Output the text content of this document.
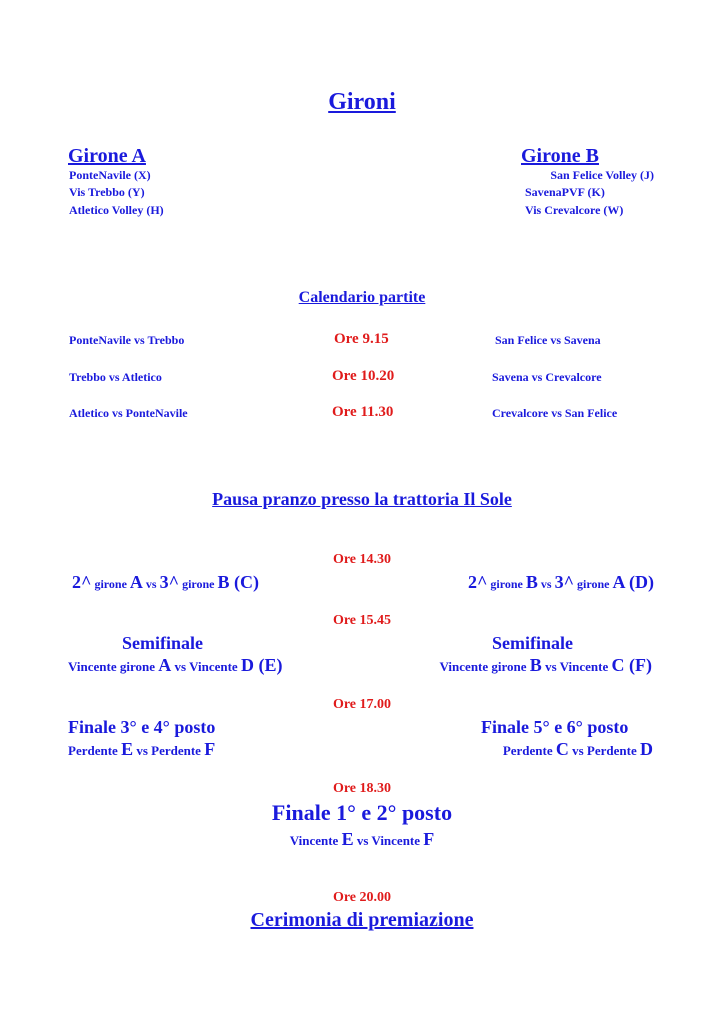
Gironi
Girone A
PonteNavile (X)
Vis Trebbo (Y)
Atletico Volley (H)
Girone B
San Felice Volley (J)
SavenaPVF (K)
Vis Crevalcore (W)
Calendario partite
PonteNavile vs Trebbo	Ore 9.15	San Felice vs Savena
Trebbo vs Atletico	Ore 10.20	Savena vs Crevalcore
Atletico vs PonteNavile	Ore 11.30	Crevalcore vs San Felice
Pausa pranzo presso la trattoria Il Sole
Ore 14.30
2^ girone A vs 3^ girone B (C)	2^ girone B vs 3^ girone A (D)
Ore 15.45
Semifinale
Vincente girone A vs Vincente D (E)
Semifinale
Vincente girone B vs Vincente C (F)
Ore 17.00
Finale 3° e 4° posto
Perdente E vs Perdente F
Finale 5° e 6° posto
Perdente C vs Perdente D
Ore 18.30
Finale 1° e 2° posto
Vincente E vs Vincente F
Ore 20.00
Cerimonia di premiazione
